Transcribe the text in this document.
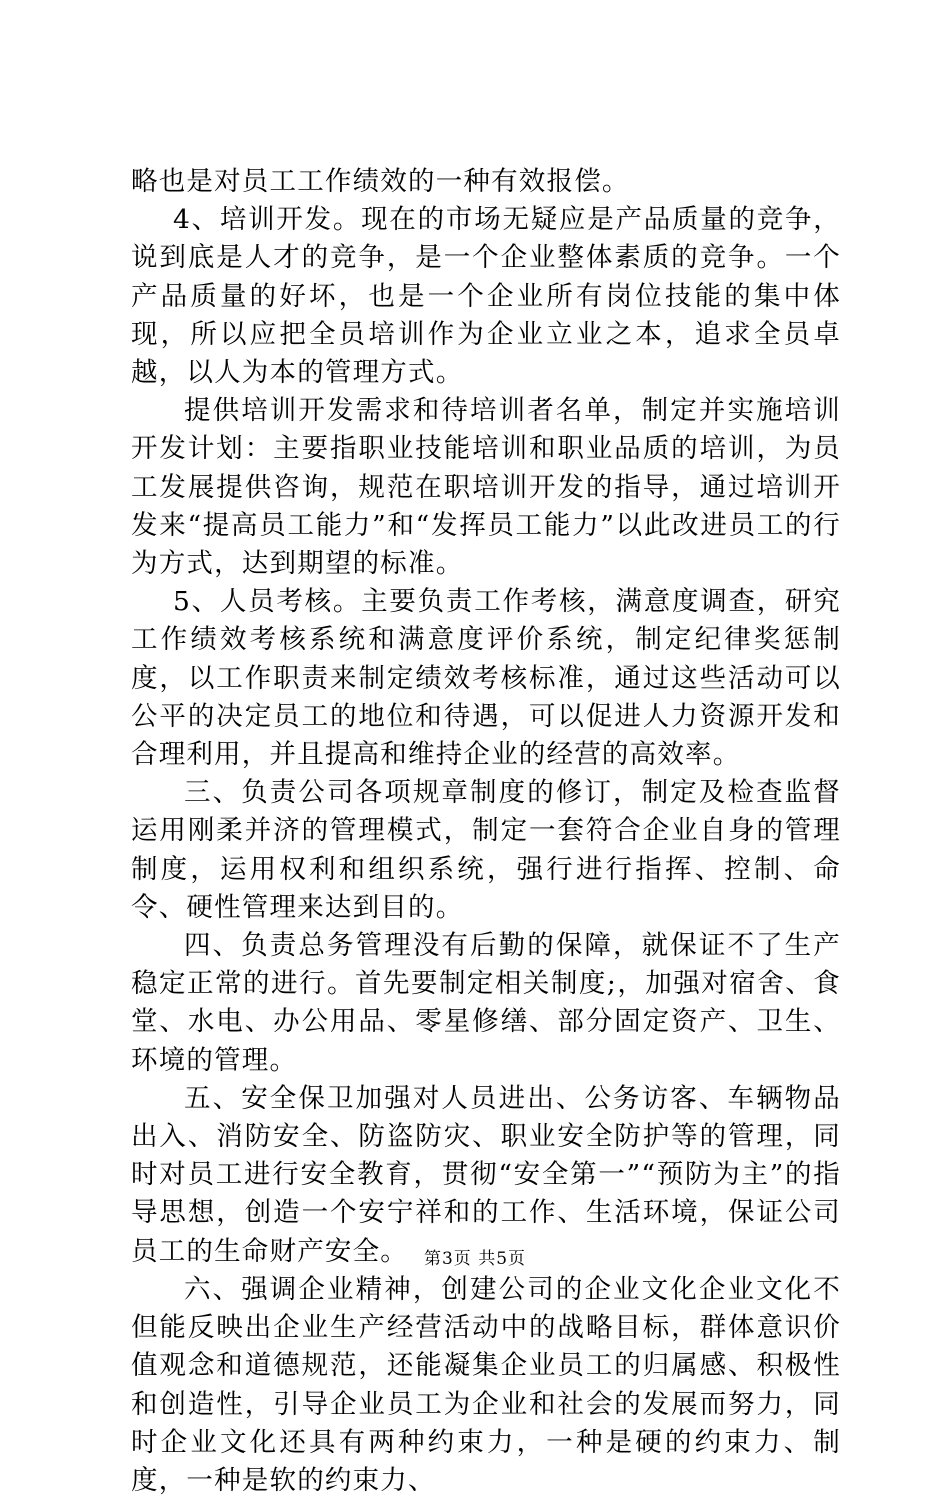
略也是对员工工作绩效的一种有效报偿。

4、培训开发。现在的市场无疑应是产品质量的竞争，说到底是人才的竞争，是一个企业整体素质的竞争。一个产品质量的好坏，也是一个企业所有岗位技能的集中体现，所以应把全员培训作为企业立业之本，追求全员卓越，以人为本的管理方式。

提供培训开发需求和待培训者名单，制定并实施培训开发计划：主要指职业技能培训和职业品质的培训，为员工发展提供咨询，规范在职培训开发的指导，通过培训开发来“提高员工能力”和“发挥员工能力”以此改进员工的行为方式，达到期望的标准。

5、人员考核。主要负责工作考核，满意度调查，研究工作绩效考核系统和满意度评价系统，制定纪律奖惩制度，以工作职责来制定绩效考核标准，通过这些活动可以公平的决定员工的地位和待遇，可以促进人力资源开发和合理利用，并且提高和维持企业的经营的高效率。

三、负责公司各项规章制度的修订，制定及检查监督运用刚柔并济的管理模式，制定一套符合企业自身的管理制度，运用权利和组织系统，强行进行指挥、控制、命令、硬性管理来达到目的。

四、负责总务管理没有后勤的保障，就保证不了生产稳定正常的进行。首先要制定相关制度;，加强对宿舍、食堂、水电、办公用品、零星修缮、部分固定资产、卫生、环境的管理。

五、安全保卫加强对人员进出、公务访客、车辆物品出入、消防安全、防盗防灾、职业安全防护等的管理，同时对员工进行安全教育，贯彻“安全第一”“预防为主”的指导思想，创造一个安宁祥和的工作、生活环境，保证公司员工的生命财产安全。

六、强调企业精神，创建公司的企业文化企业文化不但能反映出企业生产经营活动中的战略目标，群体意识价值观念和道德规范，还能凝集企业员工的归属感、积极性和创造性，引导企业员工为企业和社会的发展而努力，同时企业文化还具有两种约束力，一种是硬的约束力、制度，一种是软的约束力、

第3页 共5页
